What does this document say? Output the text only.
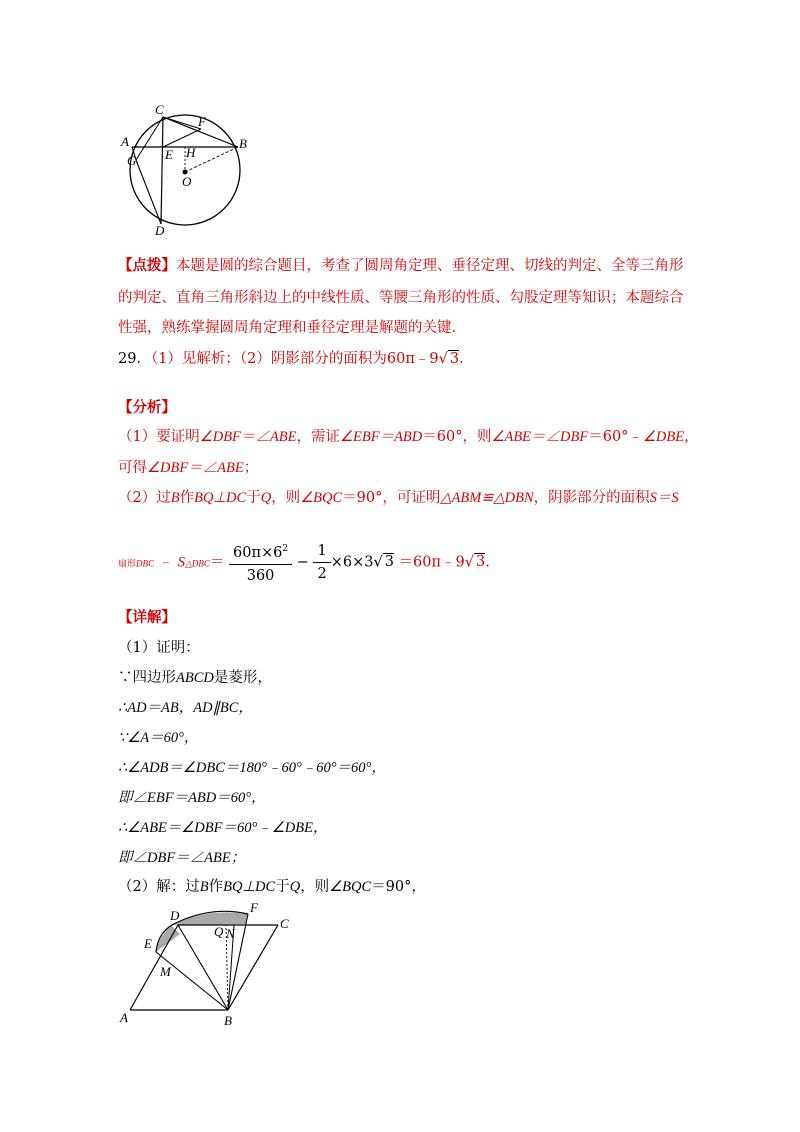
C
F
A	B
E H
G
O
D
【点拨】本题是圆的综合题目，考查了圆周角定理、垂径定理、切线的判定、全等三角形
的判定、直角三角形斜边上的中线性质、等腰三角形的性质、勾股定理等知识；本题综合
性强，熟练掌握圆周角定理和垂径定理是解题的关键.
29．（1）见解析；（2）阴影部分的面积为60π﹣9√ 3.
【分析】
（1）要证明∠DBF＝∠ABE，需证∠EBF＝ABD＝60°，则∠ABE＝∠DBF＝60°﹣∠DBE，
可得∠DBF＝∠ABE；
（2）过B作BQ⊥DC于Q，则∠BQC＝90°，可证明△ABM≌△DBN，阴影部分的面积S＝S
扇形DBC ﹣ S△DBC＝ $\frac{60\pi\times 6^2}{360} - \frac{1}{2} \times 6\times 3√$ 3 ＝60π﹣9√ 3.
【详解】
（1）证明：
∵四边形ABCD是菱形，
∴AD＝AB，AD∥BC，
∵∠A＝60°，
∴∠ADB＝∠DBC＝180°﹣60°﹣60°＝60°，
即∠EBF＝ABD＝60°，
∴∠ABE＝∠DBF＝60°﹣∠DBE，
即∠DBF＝∠ABE；
（2）解：过B作BQ⊥DC于Q，则∠BQC＝90°，
D
F
C
E
Q N
M
A	B
